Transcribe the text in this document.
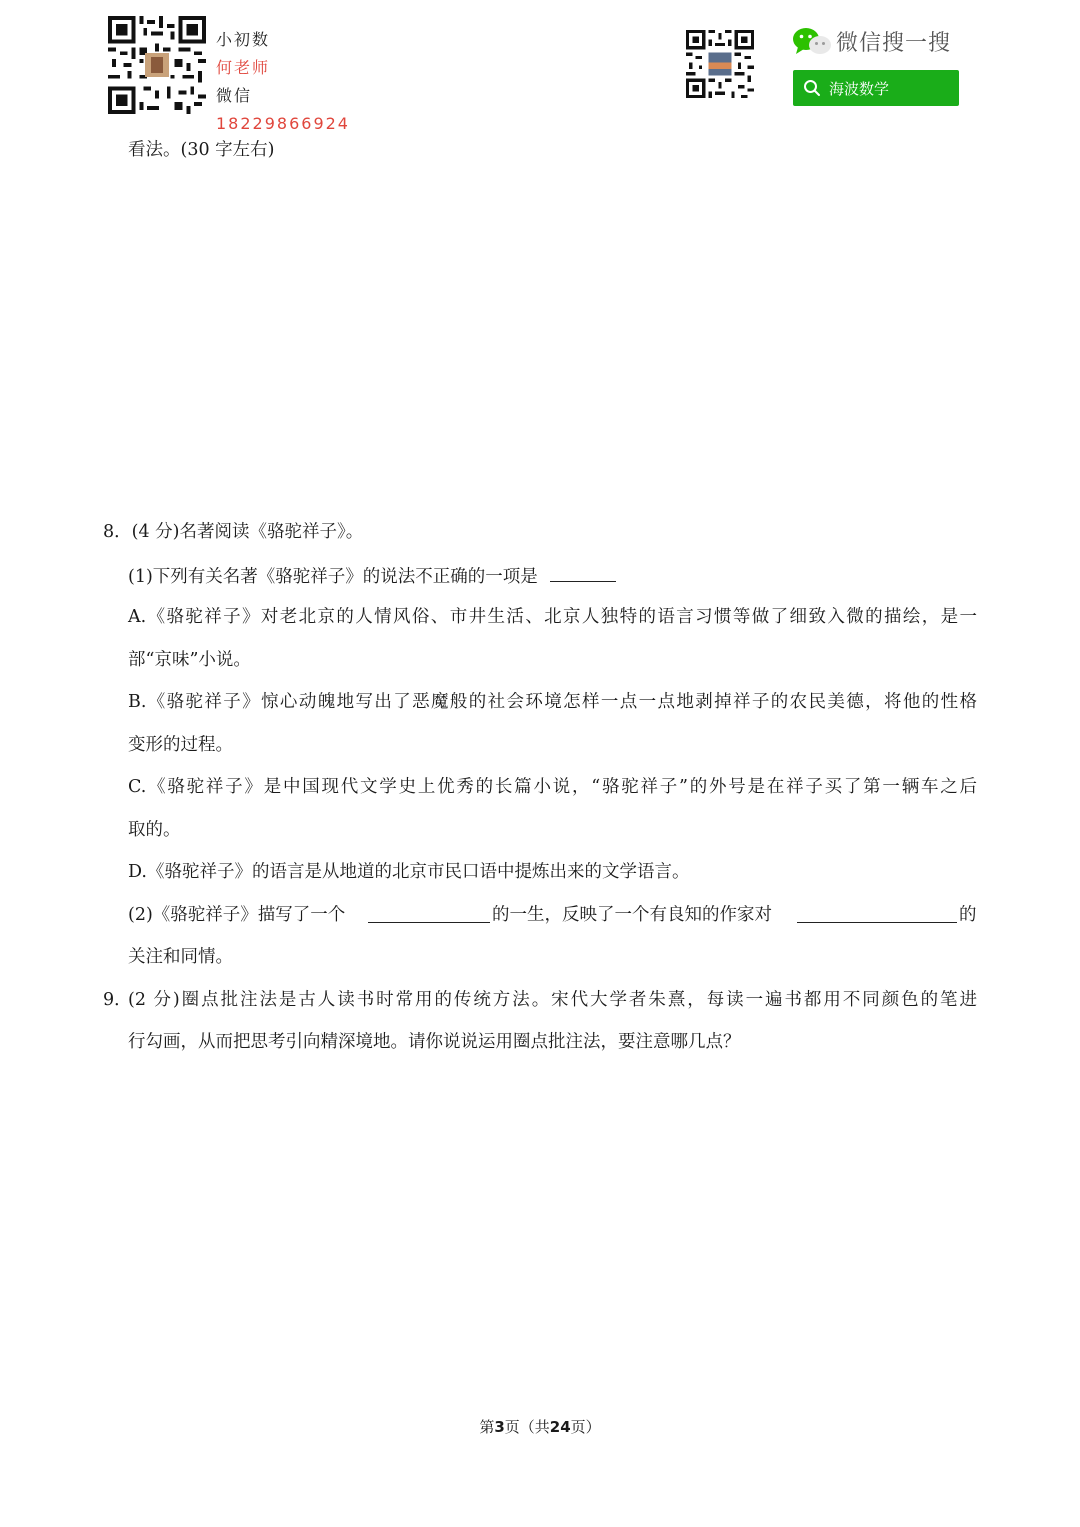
小初数
何老师
微信
18229866924
微信搜一搜
海波数学
看法。(30 字左右)
8．(4 分)名著阅读《骆驼祥子》。
(1)下列有关名著《骆驼祥子》的说法不正确的一项是
A.《骆驼祥子》对老北京的人情风俗、市井生活、北京人独特的语言习惯等做了细致入微的描绘，是一
部“京味”小说。
B.《骆驼祥子》惊心动魄地写出了恶魔般的社会环境怎样一点一点地剥掉祥子的农民美德，将他的性格
变形的过程。
C.《骆驼祥子》是中国现代文学史上优秀的长篇小说，“骆驼祥子”的外号是在祥子买了第一辆车之后
取的。
D.《骆驼祥子》的语言是从地道的北京市民口语中提炼出来的文学语言。
(2)《骆驼祥子》描写了一个	的一生，反映了一个有良知的作家对	的
关注和同情。
9．
(2 分)圈点批注法是古人读书时常用的传统方法。宋代大学者朱熹，每读一遍书都用不同颜色的笔进
行勾画，从而把思考引向精深境地。请你说说运用圈点批注法，要注意哪几点？
第3页（共24页）
